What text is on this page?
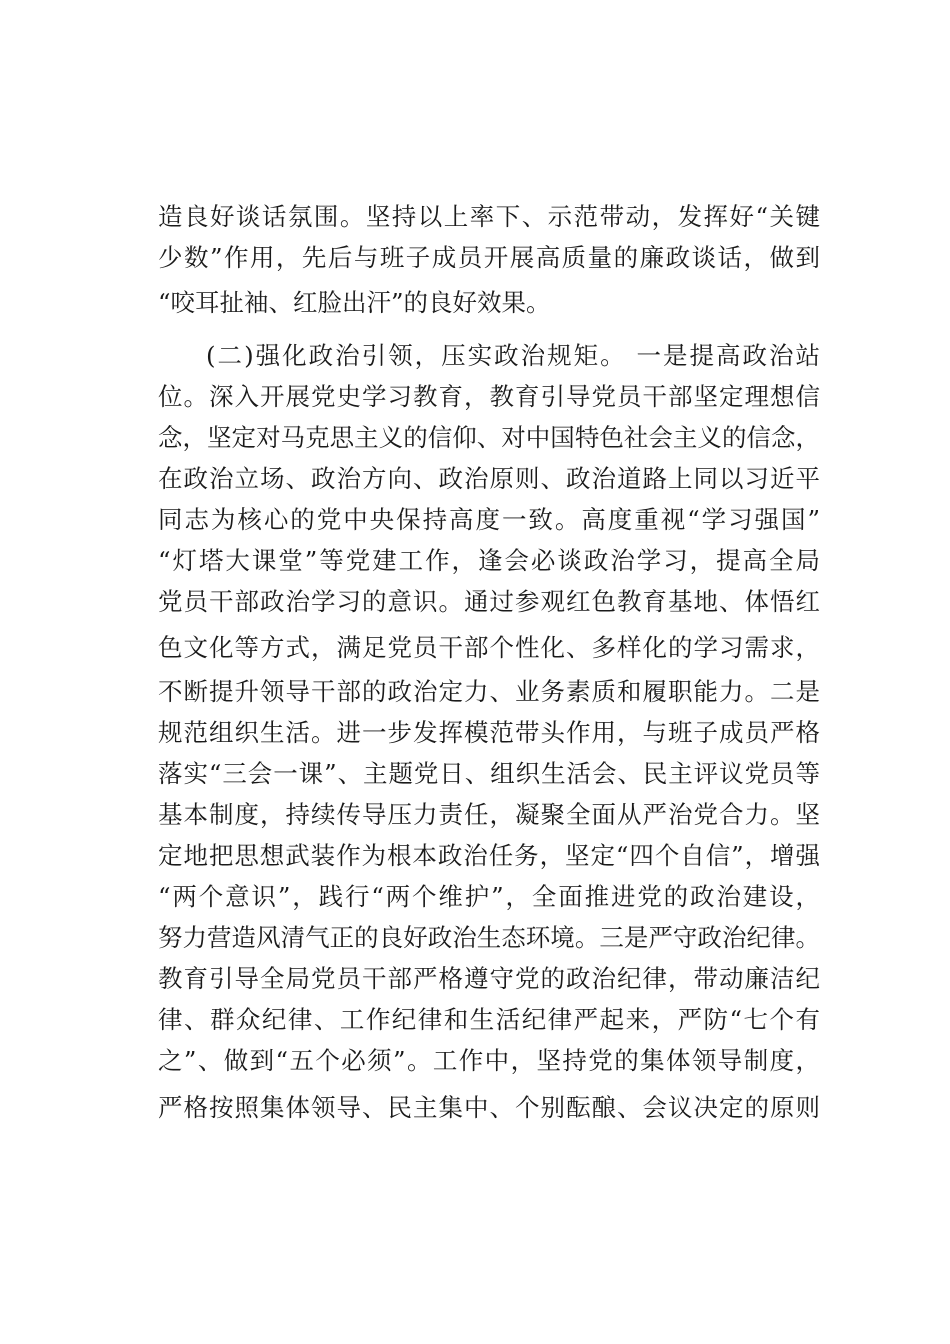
造良好谈话氛围。坚持以上率下、示范带动，发挥好“关键
少数”作用，先后与班子成员开展高质量的廉政谈话，做到
“咬耳扯袖、红脸出汗”的良好效果。
(二)强化政治引领，压实政治规矩。 一是提高政治站
位。深入开展党史学习教育，教育引导党员干部坚定理想信
念，坚定对马克思主义的信仰、对中国特色社会主义的信念，
在政治立场、政治方向、政治原则、政治道路上同以习近平
同志为核心的党中央保持高度一致。高度重视“学习强国”
“灯塔大课堂”等党建工作，逢会必谈政治学习，提高全局
党员干部政治学习的意识。通过参观红色教育基地、体悟红
色文化等方式，满足党员干部个性化、多样化的学习需求，
不断提升领导干部的政治定力、业务素质和履职能力。二是
规范组织生活。进一步发挥模范带头作用，与班子成员严格
落实“三会一课”、主题党日、组织生活会、民主评议党员等
基本制度，持续传导压力责任，凝聚全面从严治党合力。坚
定地把思想武装作为根本政治任务，坚定“四个自信”，增强
“两个意识”，践行“两个维护”，全面推进党的政治建设，
努力营造风清气正的良好政治生态环境。三是严守政治纪律。
教育引导全局党员干部严格遵守党的政治纪律，带动廉洁纪
律、群众纪律、工作纪律和生活纪律严起来，严防“七个有
之”、做到“五个必须”。工作中，坚持党的集体领导制度，
严格按照集体领导、民主集中、个别酝酿、会议决定的原则
